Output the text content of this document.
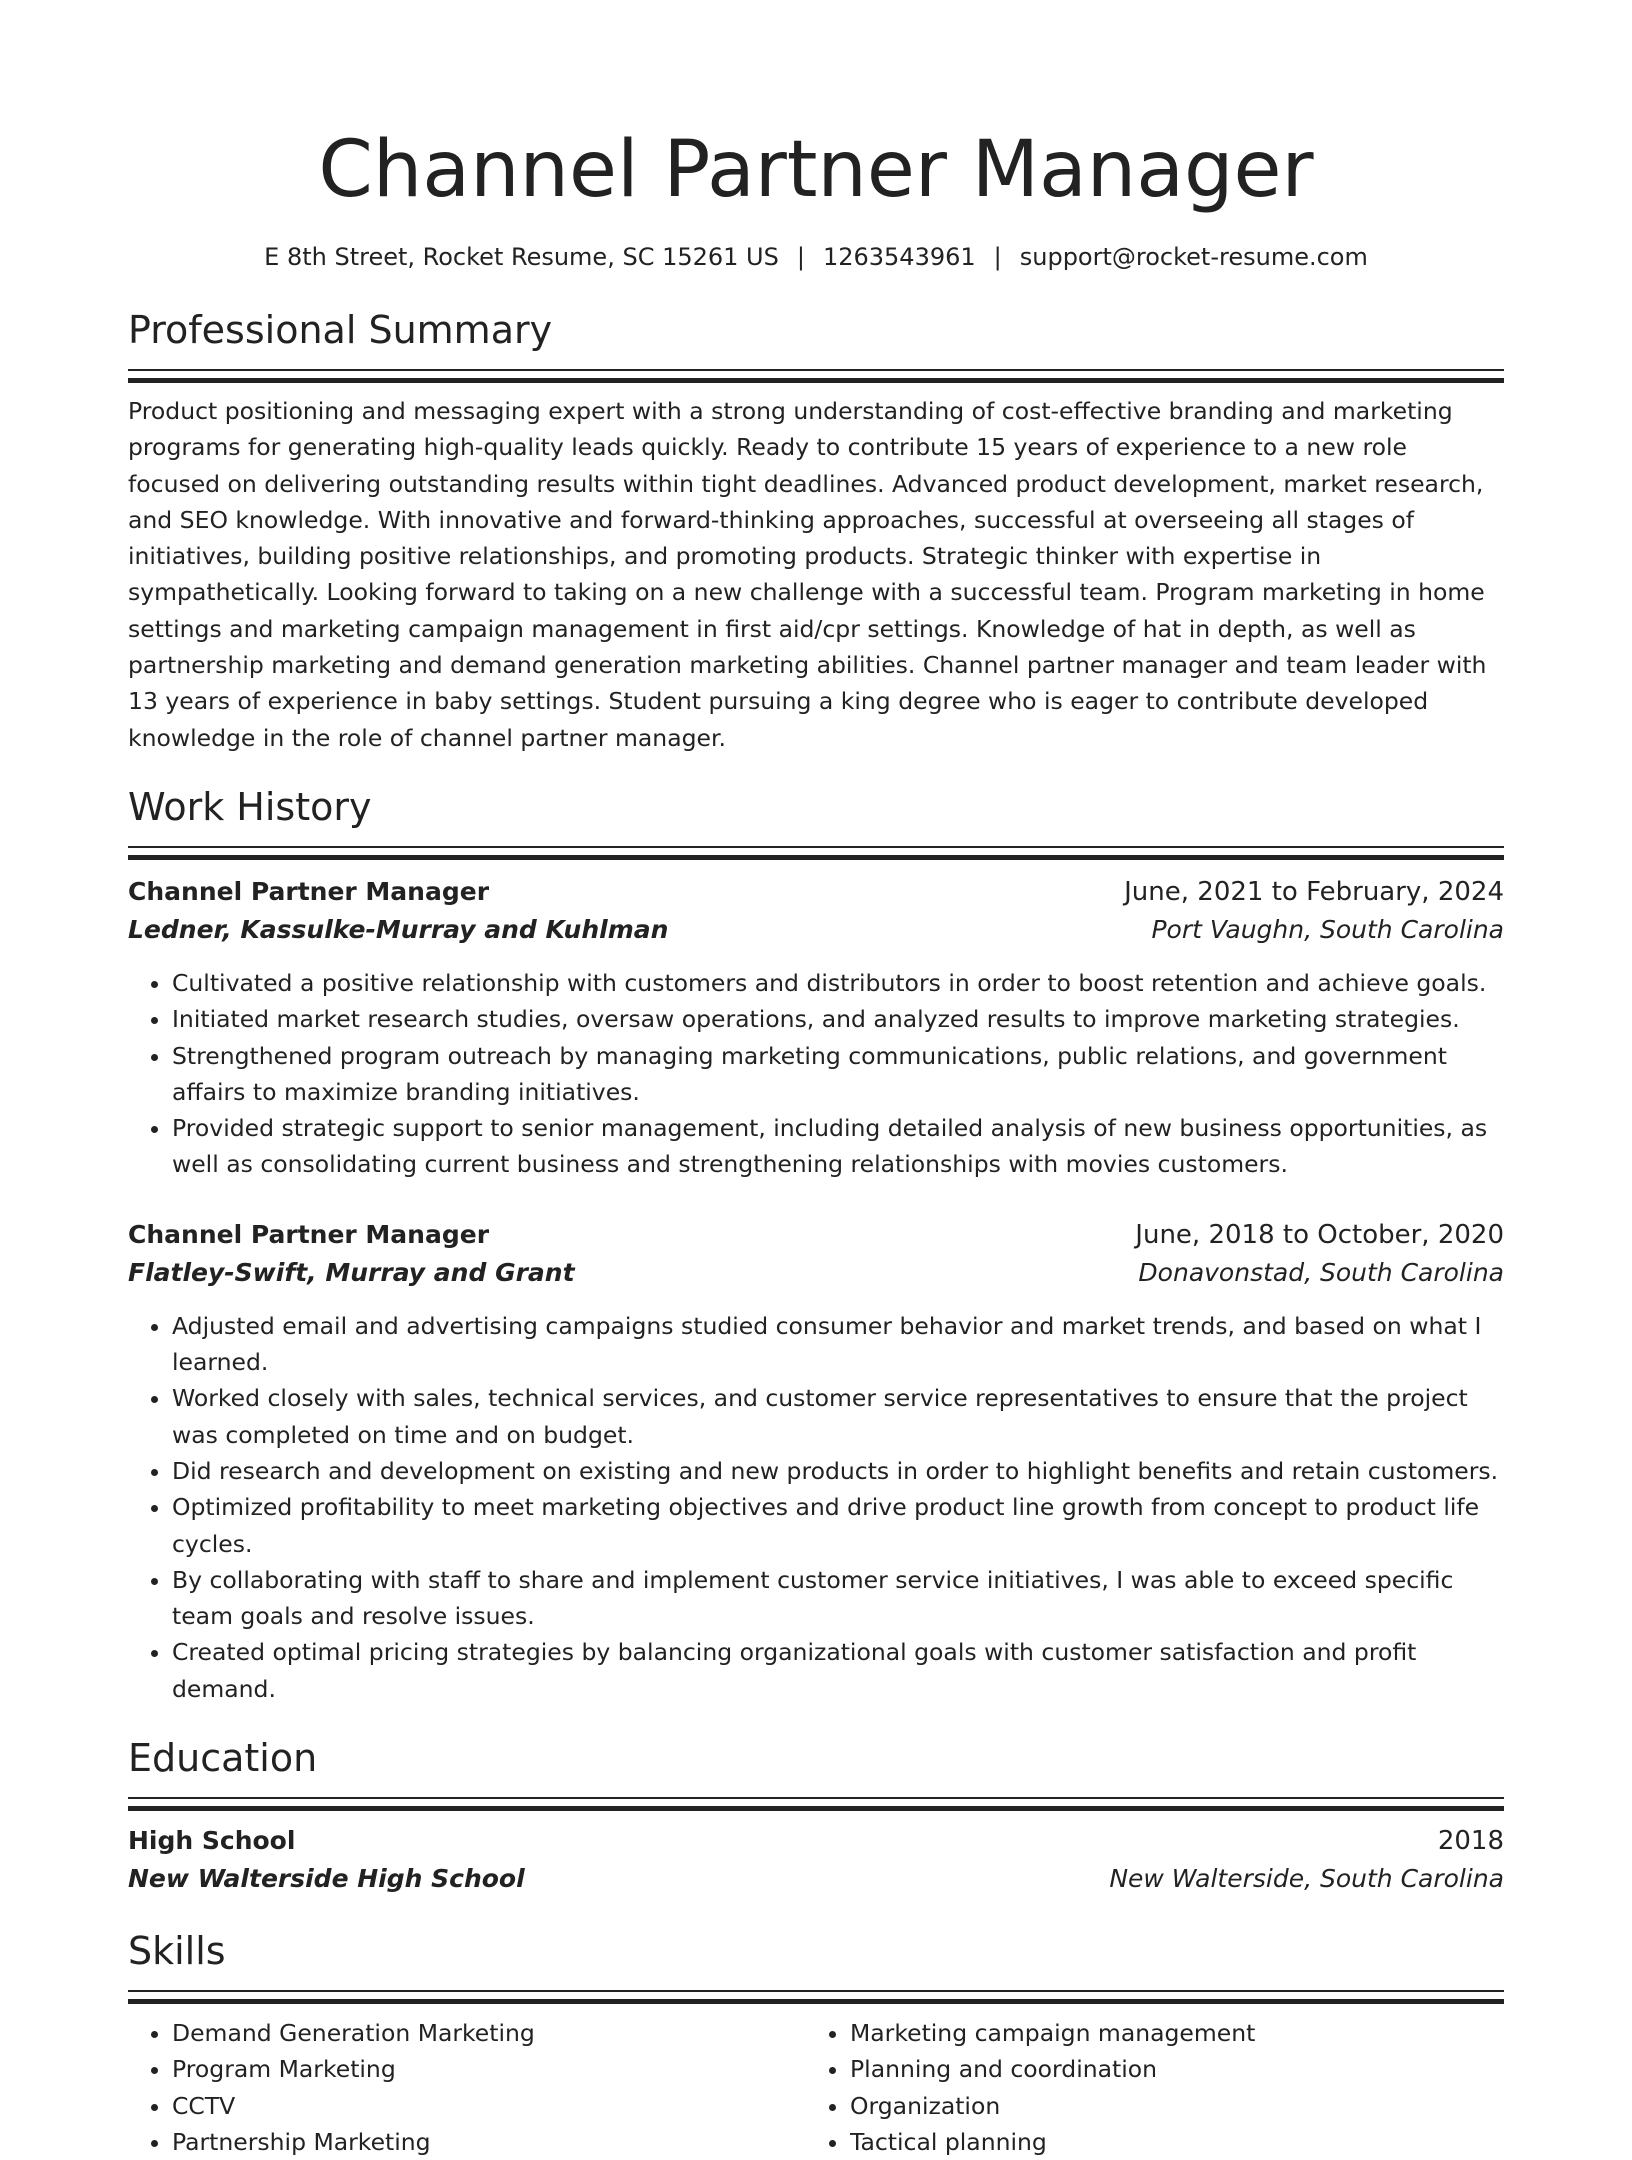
Channel Partner Manager
E 8th Street, Rocket Resume, SC 15261 US | 1263543961 | support@rocket-resume.com
Professional Summary
Product positioning and messaging expert with a strong understanding of cost-effective branding and marketing programs for generating high-quality leads quickly. Ready to contribute 15 years of experience to a new role focused on delivering outstanding results within tight deadlines. Advanced product development, market research, and SEO knowledge. With innovative and forward-thinking approaches, successful at overseeing all stages of initiatives, building positive relationships, and promoting products. Strategic thinker with expertise in sympathetically. Looking forward to taking on a new challenge with a successful team. Program marketing in home settings and marketing campaign management in first aid/cpr settings. Knowledge of hat in depth, as well as partnership marketing and demand generation marketing abilities. Channel partner manager and team leader with 13 years of experience in baby settings. Student pursuing a king degree who is eager to contribute developed knowledge in the role of channel partner manager.
Work History
Channel Partner Manager	June, 2021 to February, 2024
Ledner, Kassulke-Murray and Kuhlman	Port Vaughn, South Carolina
• Cultivated a positive relationship with customers and distributors in order to boost retention and achieve goals.
• Initiated market research studies, oversaw operations, and analyzed results to improve marketing strategies.
• Strengthened program outreach by managing marketing communications, public relations, and government affairs to maximize branding initiatives.
• Provided strategic support to senior management, including detailed analysis of new business opportunities, as well as consolidating current business and strengthening relationships with movies customers.
Channel Partner Manager	June, 2018 to October, 2020
Flatley-Swift, Murray and Grant	Donavonstad, South Carolina
• Adjusted email and advertising campaigns studied consumer behavior and market trends, and based on what I learned.
• Worked closely with sales, technical services, and customer service representatives to ensure that the project was completed on time and on budget.
• Did research and development on existing and new products in order to highlight benefits and retain customers.
• Optimized profitability to meet marketing objectives and drive product line growth from concept to product life cycles.
• By collaborating with staff to share and implement customer service initiatives, I was able to exceed specific team goals and resolve issues.
• Created optimal pricing strategies by balancing organizational goals with customer satisfaction and profit demand.
Education
High School	2018
New Walterside High School	New Walterside, South Carolina
Skills
• Demand Generation Marketing
• Program Marketing
• CCTV
• Partnership Marketing
• Marketing campaign management
• Planning and coordination
• Organization
• Tactical planning
